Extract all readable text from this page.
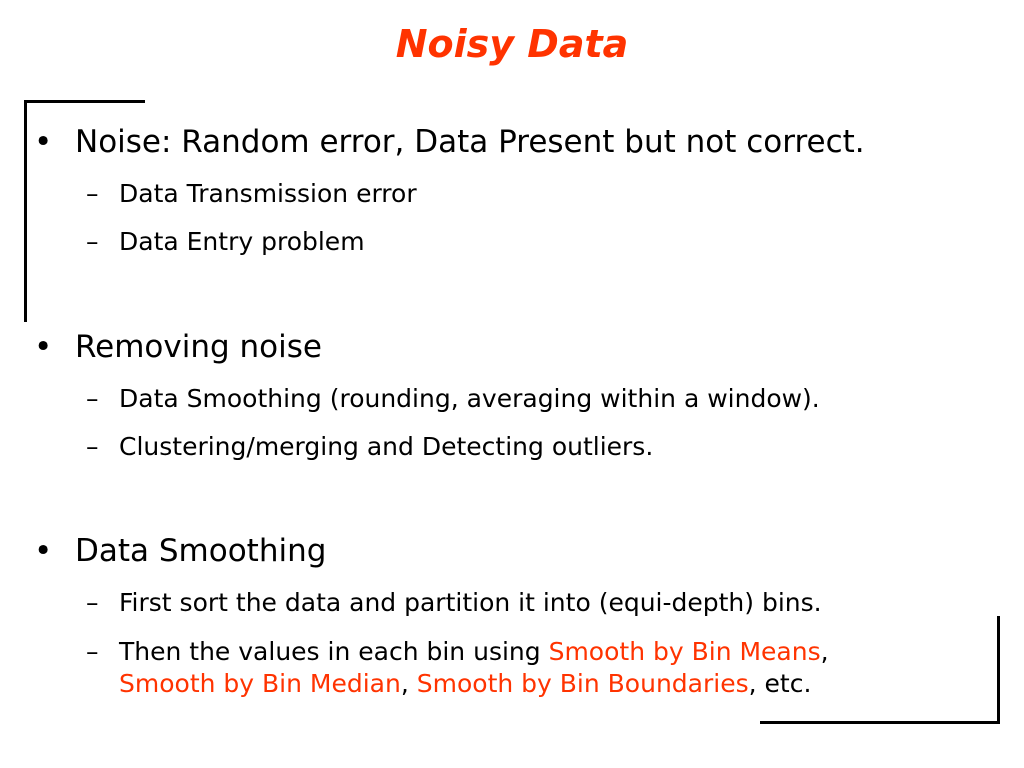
Noisy Data
• Noise: Random error, Data Present but not correct.
– Data Transmission error
– Data Entry problem
• Removing noise
– Data Smoothing (rounding, averaging within a window).
– Clustering/merging and Detecting outliers.
• Data Smoothing
– First sort the data and partition it into (equi-depth) bins.
– Then the values in each bin using Smooth by Bin Means,
Smooth by Bin Median, Smooth by Bin Boundaries, etc.
